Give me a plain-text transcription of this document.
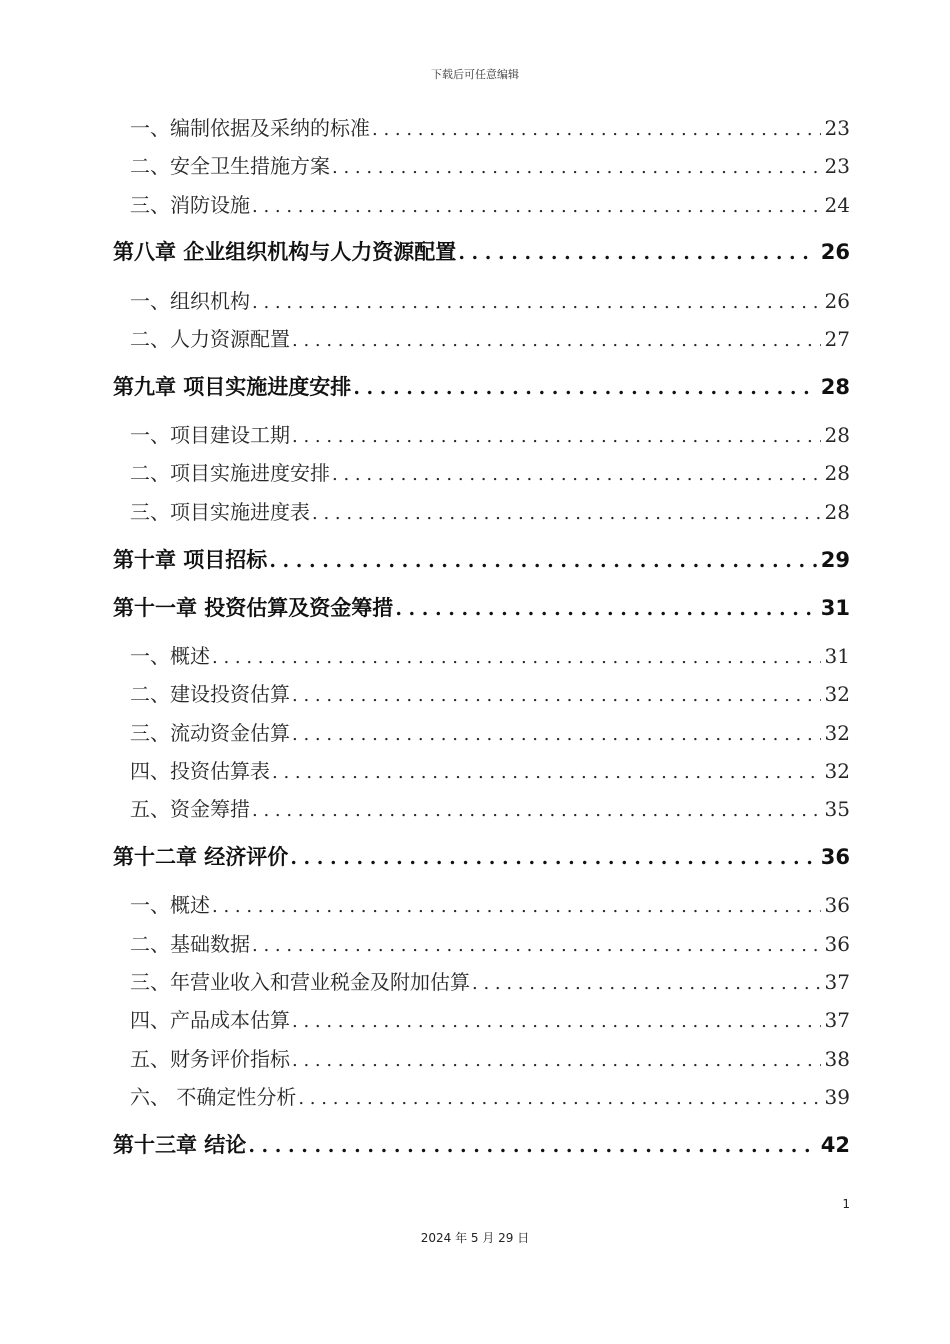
下载后可任意编辑
一、编制依据及采纳的标准 . . .	23
二、安全卫生措施方案 . . .	23
三、消防设施 . . .	24
第八章 企业组织机构与人力资源配置 . . .	26
一、组织机构 . . .	26
二、人力资源配置 . . .	27
第九章 项目实施进度安排 . . .	28
一、项目建设工期 . . .	28
二、项目实施进度安排 . . .	28
三、项目实施进度表 . . .	28
第十章 项目招标 . . .	29
第十一章 投资估算及资金筹措 . . .	31
一、概述 . . .	31
二、建设投资估算 . . .	32
三、流动资金估算 . . .	32
四、投资估算表 . . .	32
五、资金筹措 . . .	35
第十二章 经济评价 . . .	36
一、概述 . . .	36
二、基础数据 . . .	36
三、年营业收入和营业税金及附加估算 . . .	37
四、产品成本估算 . . .	37
五、财务评价指标 . . .	38
六、 不确定性分析 . . .	39
第十三章 结论 . . .	42
1
2024 年 5 月 29 日
